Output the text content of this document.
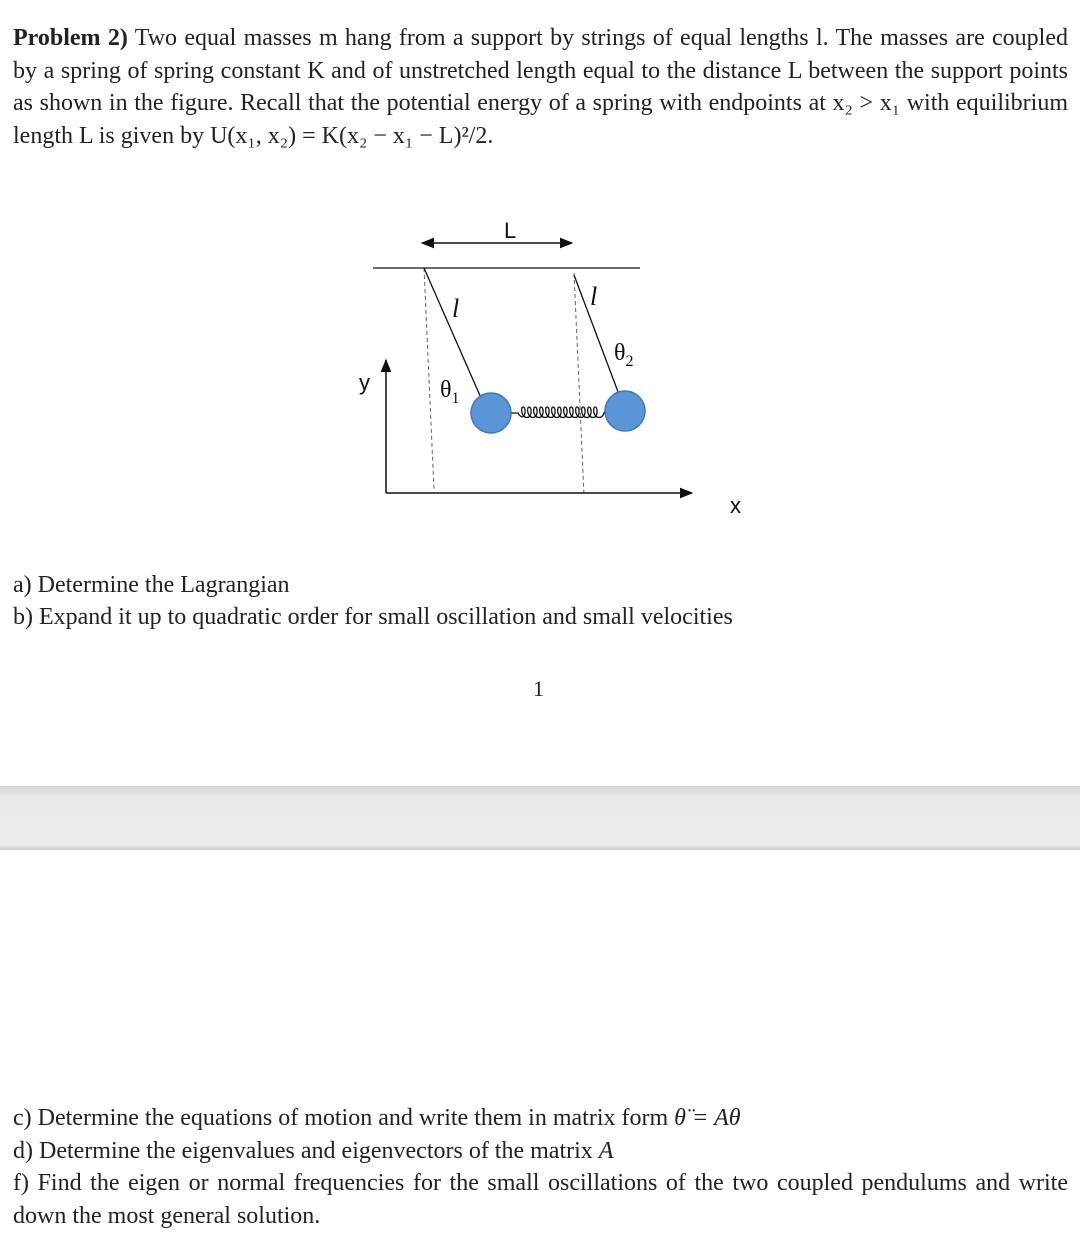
Problem 2) Two equal masses m hang from a support by strings of equal lengths l. The masses are coupled by a spring of spring constant K and of unstretched length equal to the distance L between the support points as shown in the figure. Recall that the potential energy of a spring with endpoints at x₂ > x₁ with equilibrium length L is given by U(x₁, x₂) = K(x₂ − x₁ − L)²/2.
L
l	l
$\theta_1$
$\theta_2$
y
x
a) Determine the Lagrangian
b) Expand it up to quadratic order for small oscillation and small velocities
1
c) Determine the equations of motion and write them in matrix form θ̈ = Aθ
d) Determine the eigenvalues and eigenvectors of the matrix A
f) Find the eigen or normal frequencies for the small oscillations of the two coupled pendulums and write down the most general solution.
